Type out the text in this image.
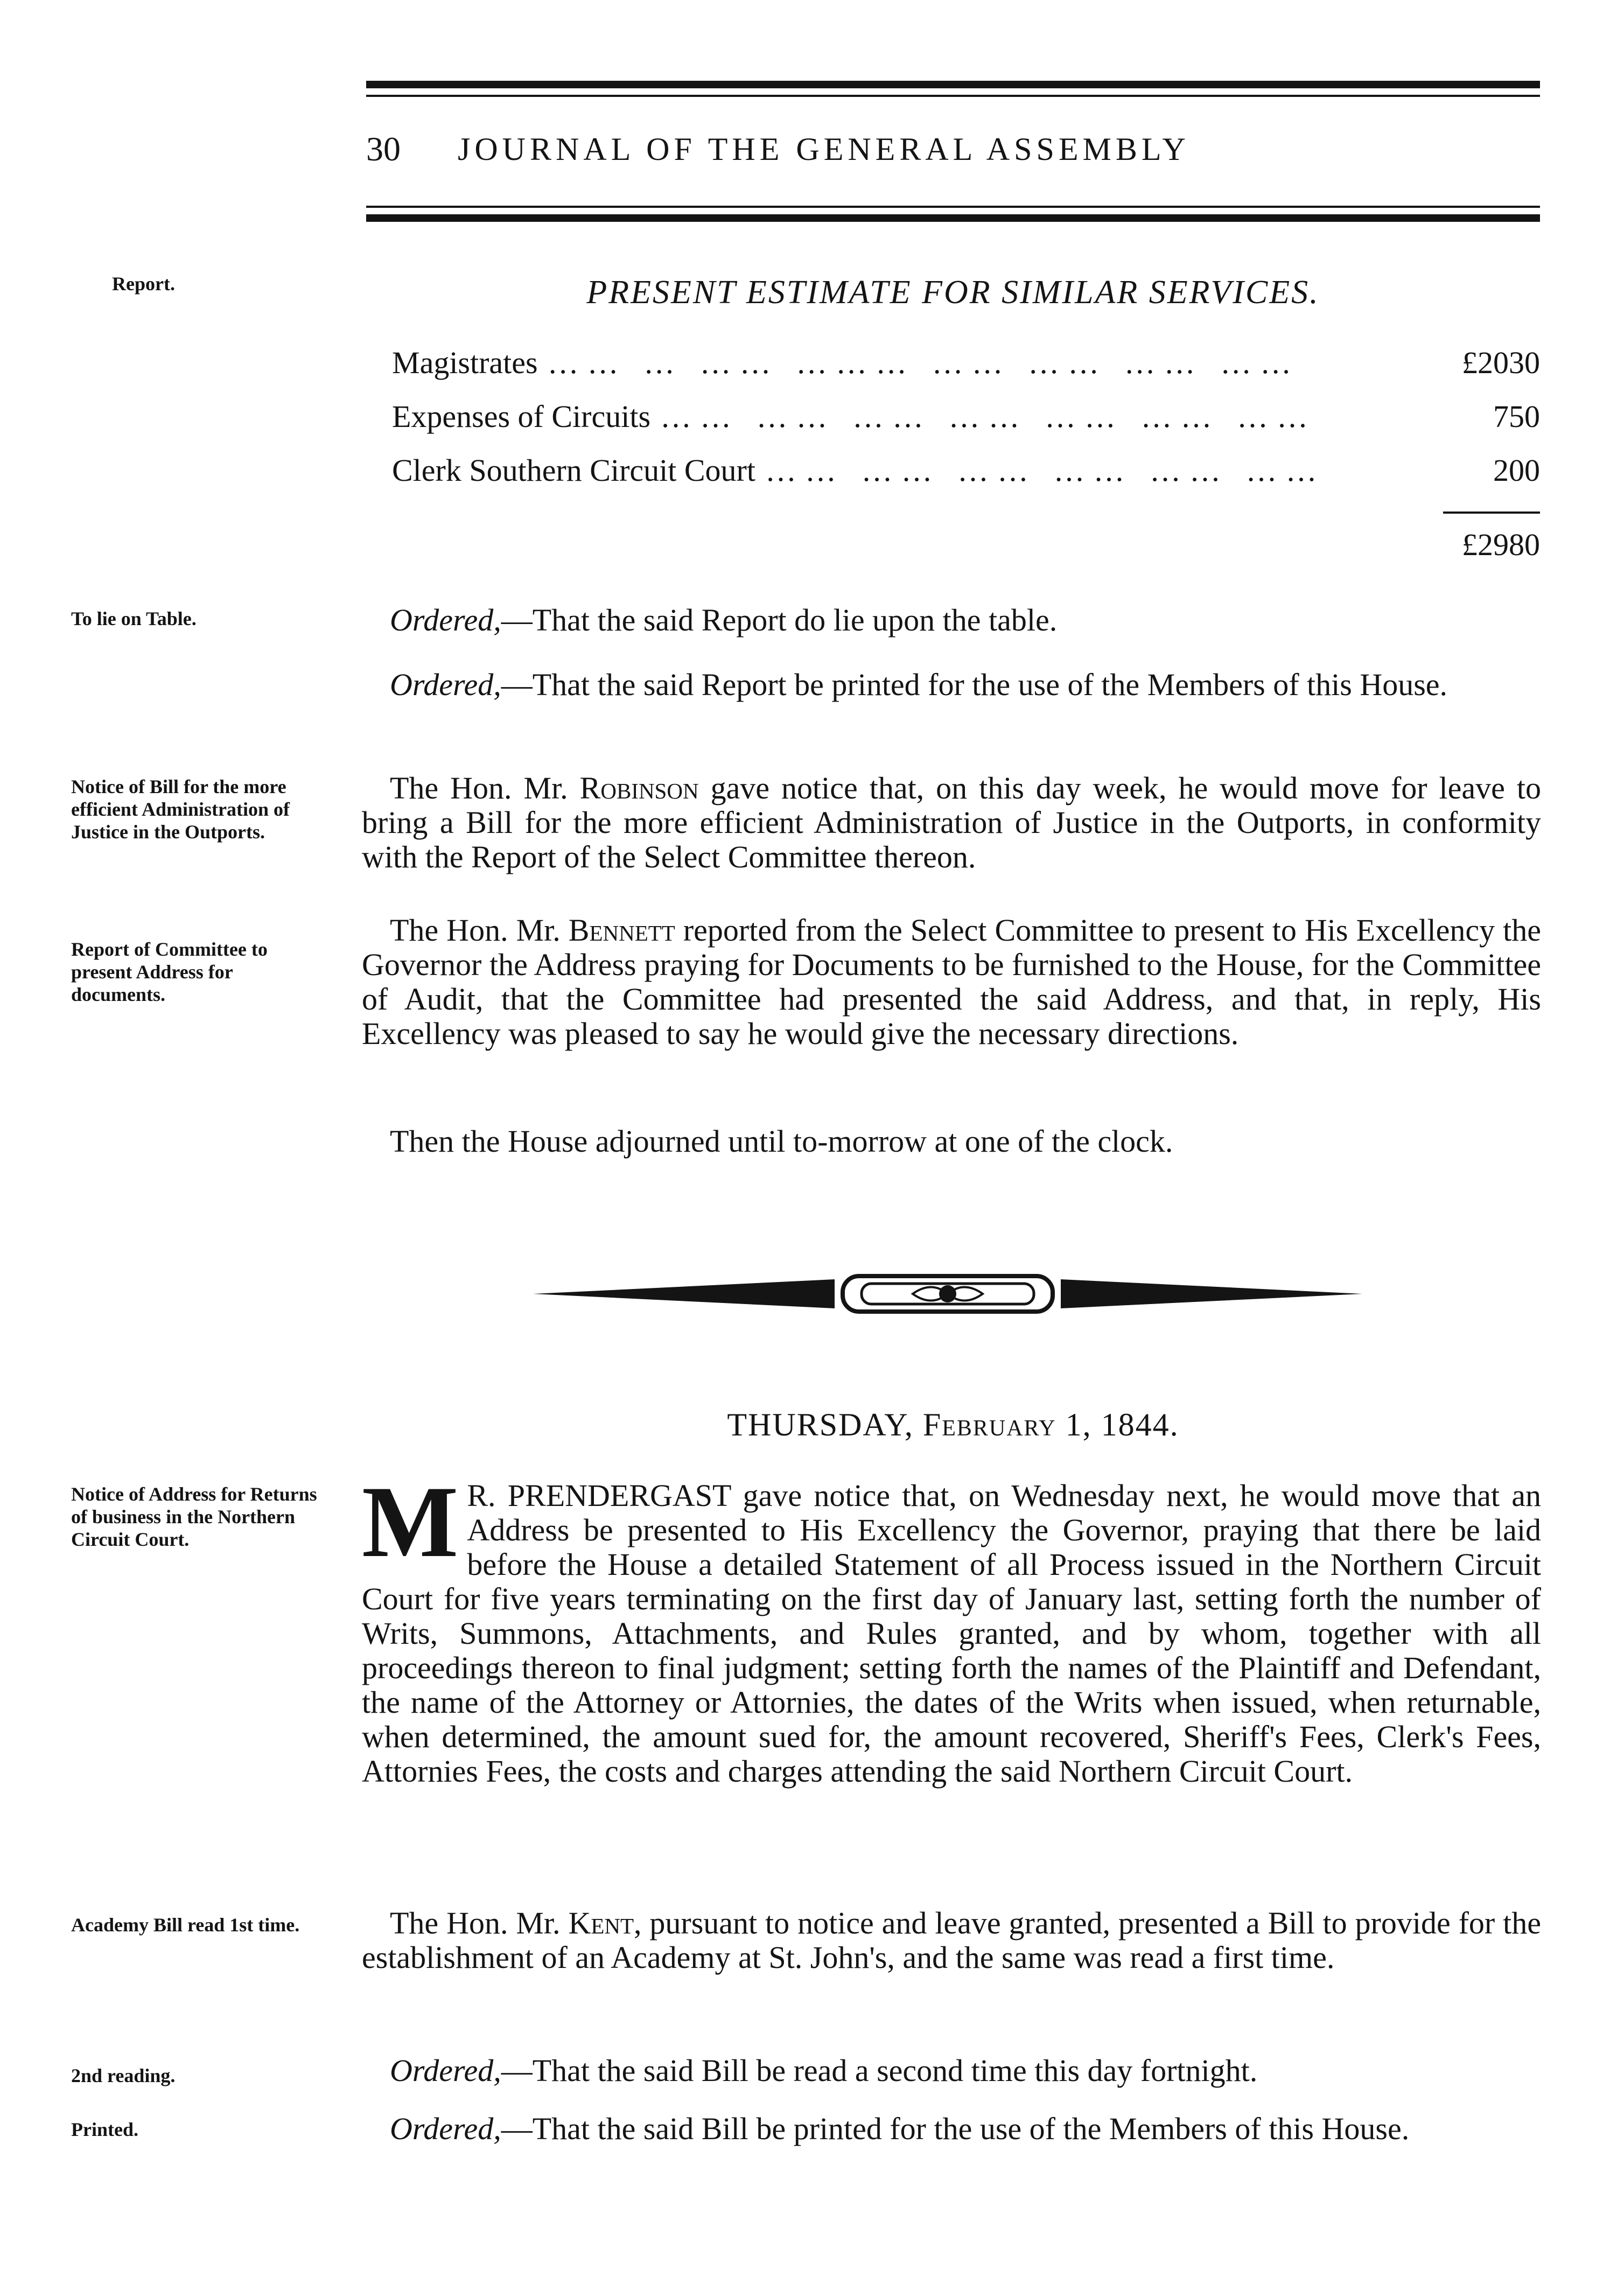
30	JOURNAL OF THE GENERAL ASSEMBLY
Report.
To lie on Table.
Notice of Bill for the more efficient Administration of Justice in the Outports.
Report of Committee to present Address for documents.
Notice of Address for Returns of business in the Northern Circuit Court.
Academy Bill read 1st time.
2nd reading.
Printed.
PRESENT ESTIMATE FOR SIMILAR SERVICES.
Magistrates …… … …… ……… …… …… …… ……	£2030
Expenses of Circuits …… …… …… …… …… …… ……	750
Clerk Southern Circuit Court …… …… …… …… …… ……	200
£2980
Ordered,—That the said Report do lie upon the table.
Ordered,—That the said Report be printed for the use of the Members of this House.
The Hon. Mr. Robinson gave notice that, on this day week, he would move for leave to bring a Bill for the more efficient Administration of Justice in the Outports, in conformity with the Report of the Select Committee thereon.
The Hon. Mr. Bennett reported from the Select Committee to present to His Excellency the Governor the Address praying for Documents to be furnished to the House, for the Committee of Audit, that the Committee had presented the said Address, and that, in reply, His Excellency was pleased to say he would give the necessary directions.
Then the House adjourned until to-morrow at one of the clock.
THURSDAY, February 1, 1844.
M R. PRENDERGAST gave notice that, on Wednesday next, he would move that an Address be presented to His Excellency the Governor, praying that there be laid before the House a detailed Statement of all Process issued in the Northern Circuit Court for five years terminating on the first day of January last, setting forth the number of Writs, Summons, Attachments, and Rules granted, and by whom, together with all proceedings thereon to final judgment; setting forth the names of the Plaintiff and Defendant, the name of the Attorney or Attornies, the dates of the Writs when issued, when returnable, when determined, the amount sued for, the amount recovered, Sheriff's Fees, Clerk's Fees, Attornies Fees, the costs and charges attending the said Northern Circuit Court.
The Hon. Mr. Kent, pursuant to notice and leave granted, presented a Bill to provide for the establishment of an Academy at St. John's, and the same was read a first time.
Ordered,—That the said Bill be read a second time this day fortnight.
Ordered,—That the said Bill be printed for the use of the Members of this House.
